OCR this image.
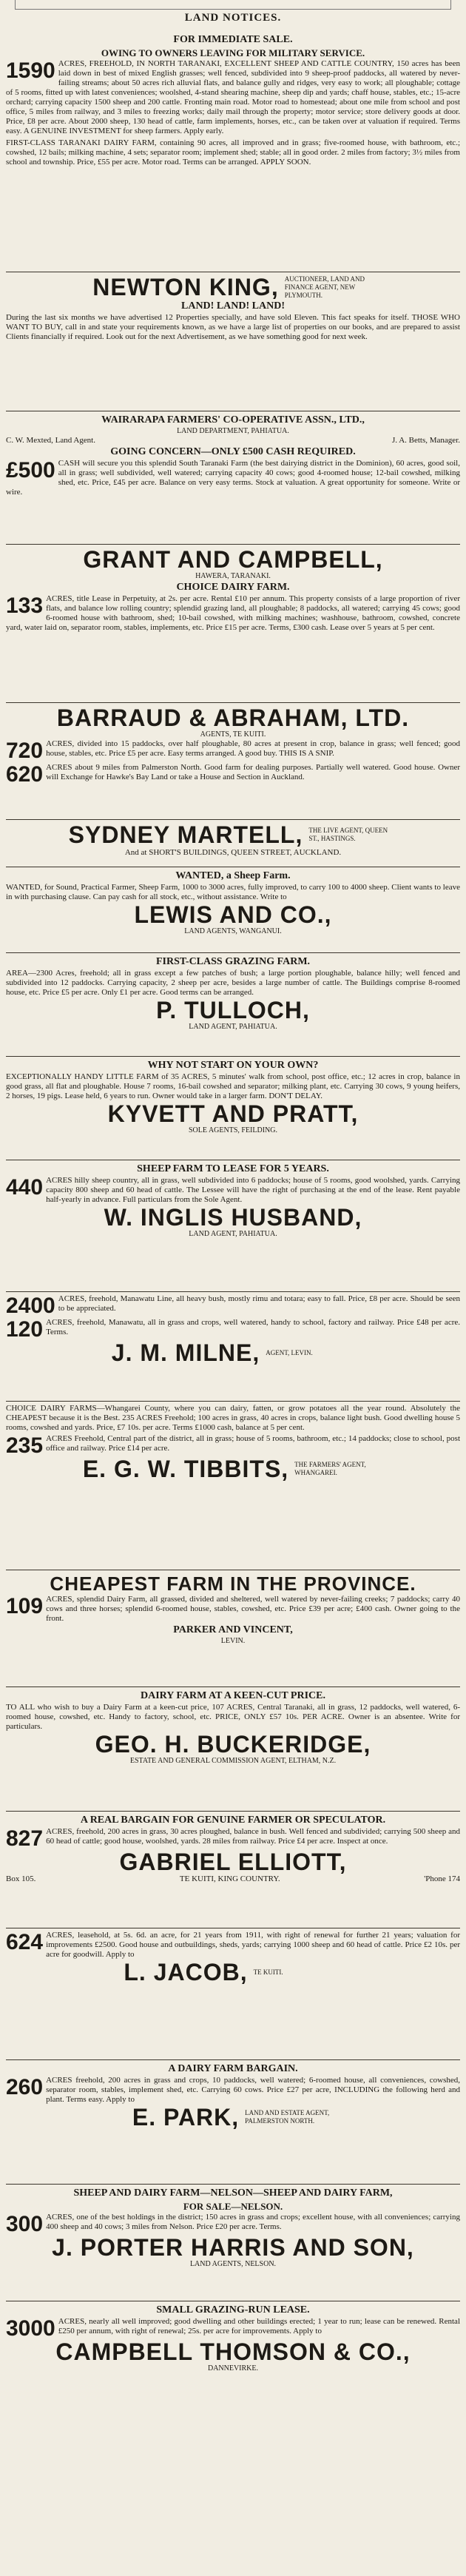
LAND NOTICES.
FOR IMMEDIATE SALE.
OWING TO OWNERS LEAVING FOR MILITARY SERVICE.
1590 ACRES, FREEHOLD, IN NORTH TARANAKI, EXCELLENT SHEEP AND CATTLE COUNTRY, 150 acres has been laid down in best of mixed English grasses; well fenced, subdivided into 9 sheep-proof paddocks, all watered by never-failing streams; about 50 acres rich alluvial flats, and balance gully and ridges, very easy to work; all ploughable; cottage of 5 rooms, fitted up with latest conveniences; woolshed, 4-stand shearing machine, sheep dip and yards; chaff house, stables, etc.; 15-acre orchard; carrying capacity 1500 sheep and 200 cattle. Fronting main road. Motor road to homestead; about one mile from school and post office, 5 miles from railway, and 3 miles to freezing works; daily mail through the property; motor service; store delivery goods at door. Price, £8 per acre. About 2000 sheep, 130 head of cattle, farm implements, horses, etc., can be taken over at valuation if required. Terms easy. A GENUINE INVESTMENT for sheep farmers. Apply early.
FIRST-CLASS TARANAKI DAIRY FARM, containing 90 acres, all improved and in grass; five-roomed house, with bathroom, etc.; cowshed, 12 bails; milking machine, 4 sets; separator room; implement shed; stable; all in good order. 2 miles from factory; 3½ miles from school and township. Price, £55 per acre. Motor road. Terms can be arranged. APPLY SOON.
NEWTON KING, AUCTIONEER, LAND AND FINANCE AGENT, NEW PLYMOUTH.
LAND! LAND! LAND!
During the last six months we have advertised 12 Properties specially, and have sold Eleven. This fact speaks for itself. THOSE WHO WANT TO BUY, call in and state your requirements known, as we have a large list of properties on our books, and are prepared to assist Clients financially if required. Look out for the next Advertisement, as we have something good for next week.
WAIRARAPA FARMERS' CO-OPERATIVE ASSN., LTD.,
LAND DEPARTMENT, PAHIATUA.
C. W. Mexted, Land Agent.	J. A. Betts, Manager.
GOING CONCERN—ONLY £500 CASH REQUIRED.
£500 CASH will secure you this splendid South Taranaki Farm (the best dairying district in the Dominion), 60 acres, good soil, all in grass; well subdivided, well watered; carrying capacity 40 cows; good 4-roomed house; 12-bail cowshed, milking shed, etc. Price, £45 per acre. Balance on very easy terms. Stock at valuation. A great opportunity for someone. Write or wire.
GRANT AND CAMPBELL,
HAWERA, TARANAKI.
CHOICE DAIRY FARM.
133 ACRES, title Lease in Perpetuity, at 2s. per acre. Rental £10 per annum. This property consists of a large proportion of river flats, and balance low rolling country; splendid grazing land, all ploughable; 8 paddocks, all watered; carrying 45 cows; good 6-roomed house with bathroom, shed; 10-bail cowshed, with milking machines; washhouse, bathroom, cowshed, concrete yard, water laid on, separator room, stables, implements, etc. Price £15 per acre. Terms, £300 cash. Lease over 5 years at 5 per cent.
BARRAUD & ABRAHAM, LTD.
AGENTS, TE KUITI.
720 ACRES, divided into 15 paddocks, over half ploughable, 80 acres at present in crop, balance in grass; well fenced; good house, stables, etc. Price £5 per acre. Easy terms arranged. A good buy. THIS IS A SNIP.
620 ACRES about 9 miles from Palmerston North. Good farm for dealing purposes. Partially well watered. Good house. Owner will Exchange for Hawke's Bay Land or take a House and Section in Auckland.
SYDNEY MARTELL, THE LIVE AGENT, QUEEN ST., HASTINGS.
And at SHORT'S BUILDINGS, QUEEN STREET, AUCKLAND.
WANTED, a Sheep Farm.
WANTED, for Sound, Practical Farmer, Sheep Farm, 1000 to 3000 acres, fully improved, to carry 100 to 4000 sheep. Client wants to leave in with purchasing clause. Can pay cash for all stock, etc., without assistance. Write to
LEWIS AND CO.,
LAND AGENTS, WANGANUI.
FIRST-CLASS GRAZING FARM.
AREA—2300 Acres, freehold; all in grass except a few patches of bush; a large portion ploughable, balance hilly; well fenced and subdivided into 12 paddocks. Carrying capacity, 2 sheep per acre, besides a large number of cattle. The Buildings comprise 8-roomed house, etc. Price £5 per acre. Only £1 per acre. Good terms can be arranged.
P. TULLOCH,
LAND AGENT, PAHIATUA.
WHY NOT START ON YOUR OWN?
EXCEPTIONALLY HANDY LITTLE FARM of 35 ACRES, 5 minutes' walk from school, post office, etc.; 12 acres in crop, balance in good grass, all flat and ploughable. House 7 rooms, 16-bail cowshed and separator; milking plant, etc. Carrying 30 cows, 9 young heifers, 2 horses, 19 pigs. Lease held, 6 years to run. Owner would take in a larger farm. DON'T DELAY.
KYVETT AND PRATT,
SOLE AGENTS, FEILDING.
SHEEP FARM TO LEASE FOR 5 YEARS.
440 ACRES hilly sheep country, all in grass, well subdivided into 6 paddocks; house of 5 rooms, good woolshed, yards. Carrying capacity 800 sheep and 60 head of cattle. The Lessee will have the right of purchasing at the end of the lease. Rent payable half-yearly in advance. Full particulars from the Sole Agent.
W. INGLIS HUSBAND,
LAND AGENT, PAHIATUA.
2400 ACRES, freehold, Manawatu Line, all heavy bush, mostly rimu and totara; easy to fall. Price, £8 per acre. Should be seen to be appreciated.
120 ACRES, freehold, Manawatu, all in grass and crops, well watered, handy to school, factory and railway. Price £48 per acre. Terms.
J. M. MILNE, AGENT, LEVIN.
CHOICE DAIRY FARMS—Whangarei County, where you can dairy, fatten, or grow potatoes all the year round. Absolutely the CHEAPEST because it is the Best. 235 ACRES Freehold; 100 acres in grass, 40 acres in crops, balance light bush. Good dwelling house 5 rooms, cowshed and yards. Price, £7 10s. per acre. Terms £1000 cash, balance at 5 per cent.
235 ACRES Freehold, Central part of the district, all in grass; house of 5 rooms, bathroom, etc.; 14 paddocks; close to school, post office and railway. Price £14 per acre.
E. G. W. TIBBITS, THE FARMERS' AGENT, WHANGAREI.
CHEAPEST FARM IN THE PROVINCE.
109 ACRES, splendid Dairy Farm, all grassed, divided and sheltered, well watered by never-failing creeks; 7 paddocks; carry 40 cows and three horses; splendid 6-roomed house, stables, cowshed, etc. Price £39 per acre; £400 cash. Owner going to the front.
PARKER AND VINCENT,
LEVIN.
DAIRY FARM AT A KEEN-CUT PRICE.
TO ALL who wish to buy a Dairy Farm at a keen-cut price, 107 ACRES, Central Taranaki, all in grass, 12 paddocks, well watered, 6-roomed house, cowshed, etc. Handy to factory, school, etc. PRICE, ONLY £57 10s. PER ACRE. Owner is an absentee. Write for particulars.
GEO. H. BUCKERIDGE,
ESTATE AND GENERAL COMMISSION AGENT, ELTHAM, N.Z.
A REAL BARGAIN FOR GENUINE FARMER OR SPECULATOR.
827 ACRES, freehold, 200 acres in grass, 30 acres ploughed, balance in bush. Well fenced and subdivided; carrying 500 sheep and 60 head of cattle; good house, woolshed, yards. 28 miles from railway. Price £4 per acre. Inspect at once.
GABRIEL ELLIOTT,
Box 105.	TE KUITI, KING COUNTRY.	'Phone 174
624 ACRES, leasehold, at 5s. 6d. an acre, for 21 years from 1911, with right of renewal for further 21 years; valuation for improvements £2500. Good house and outbuildings, sheds, yards; carrying 1000 sheep and 60 head of cattle. Price £2 10s. per acre for goodwill. Apply to
L. JACOB, TE KUITI.
A DAIRY FARM BARGAIN.
260 ACRES freehold, 200 acres in grass and crops, 10 paddocks, well watered; 6-roomed house, all conveniences, cowshed, separator room, stables, implement shed, etc. Carrying 60 cows. Price £27 per acre, INCLUDING the following herd and plant. Terms easy. Apply to
E. PARK, LAND AND ESTATE AGENT, PALMERSTON NORTH.
SHEEP AND DAIRY FARM—NELSON—SHEEP AND DAIRY FARM,
FOR SALE—NELSON.
300 ACRES, one of the best holdings in the district; 150 acres in grass and crops; excellent house, with all conveniences; carrying 400 sheep and 40 cows; 3 miles from Nelson. Price £20 per acre. Terms.
J. PORTER HARRIS AND SON,
LAND AGENTS, NELSON.
SMALL GRAZING-RUN LEASE.
3000 ACRES, nearly all well improved; good dwelling and other buildings erected; 1 year to run; lease can be renewed. Rental £250 per annum, with right of renewal; 25s. per acre for improvements. Apply to
CAMPBELL THOMSON & CO.,
DANNEVIRKE.
